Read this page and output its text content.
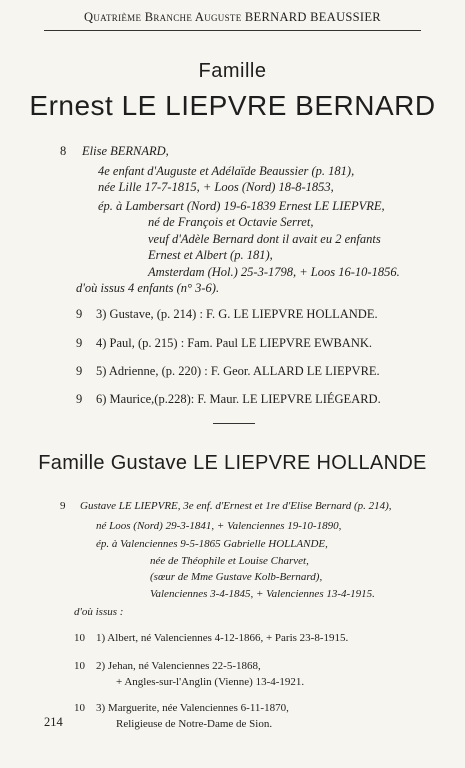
Quatrième Branche Auguste BERNARD BEAUSSIER
Famille
Ernest LE LIEPVRE BERNARD
8 Elise BERNARD,
4e enfant d'Auguste et Adélaïde Beaussier (p. 181),
née Lille 17-7-1815, + Loos (Nord) 18-8-1853,
ép. à Lambersart (Nord) 19-6-1839 Ernest LE LIEPVRE,
né de François et Octavie Serret,
veuf d'Adèle Bernard dont il avait eu 2 enfants
Ernest et Albert (p. 181),
Amsterdam (Hol.) 25-3-1798, + Loos 16-10-1856.
d'où issus 4 enfants (n° 3-6).
9 3) Gustave, (p. 214) : F. G. LE LIEPVRE HOLLANDE.
9 4) Paul, (p. 215) : Fam. Paul LE LIEPVRE EWBANK.
9 5) Adrienne, (p. 220) : F. Geor. ALLARD LE LIEPVRE.
9 6) Maurice,(p.228): F. Maur. LE LIEPVRE LIÉGEARD.
Famille Gustave LE LIEPVRE HOLLANDE
9 Gustave LE LIEPVRE, 3e enf. d'Ernest et 1re d'Elise Bernard (p. 214),
né Loos (Nord) 29-3-1841, + Valenciennes 19-10-1890,
ép. à Valenciennes 9-5-1865 Gabrielle HOLLANDE,
née de Théophile et Louise Charvet,
(sœur de Mme Gustave Kolb-Bernard),
Valenciennes 3-4-1845, + Valenciennes 13-4-1915.
d'où issus :
10 1) Albert, né Valenciennes 4-12-1866, + Paris 23-8-1915.
10 2) Jehan, né Valenciennes 22-5-1868,
+ Angles-sur-l'Anglin (Vienne) 13-4-1921.
10 3) Marguerite, née Valenciennes 6-11-1870,
Religieuse de Notre-Dame de Sion.
214
